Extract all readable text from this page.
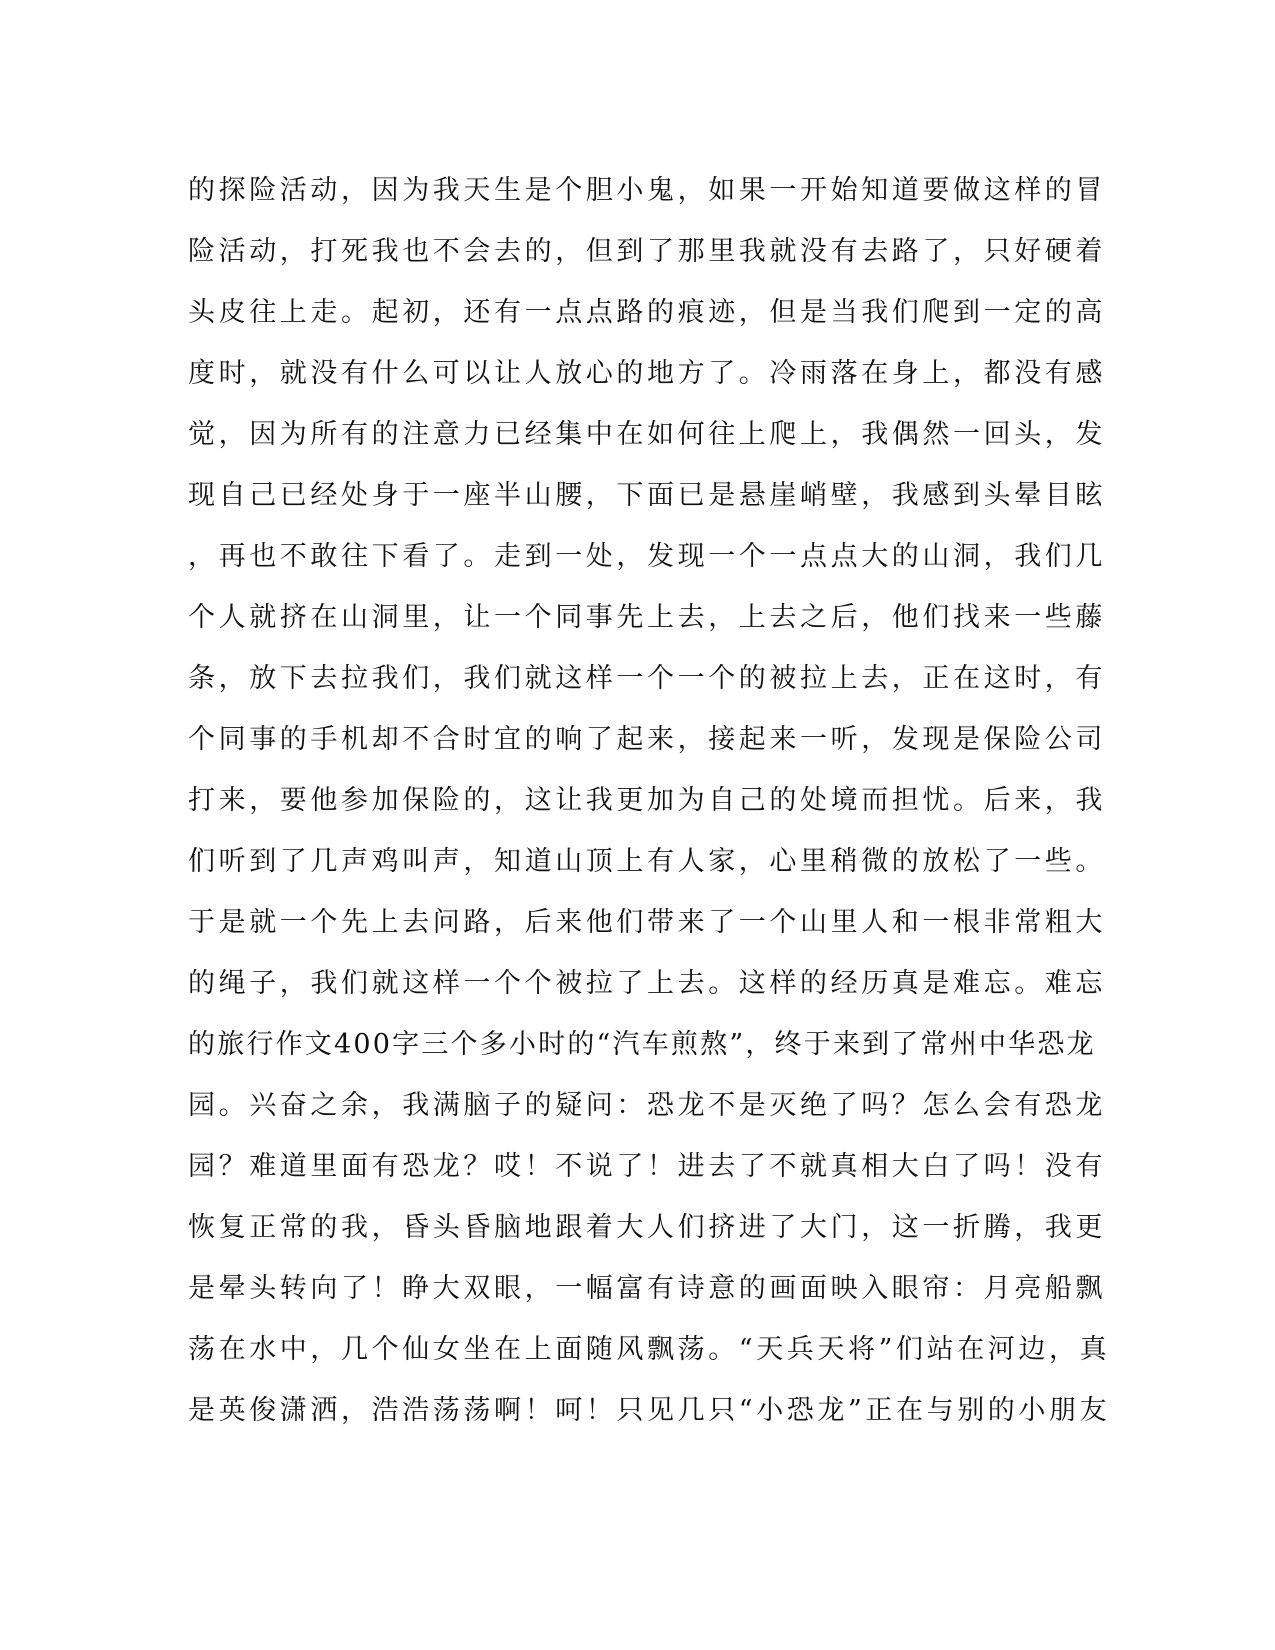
的探险活动，因为我天生是个胆小鬼，如果一开始知道要做这样的冒
险活动，打死我也不会去的，但到了那里我就没有去路了，只好硬着
头皮往上走。起初，还有一点点路的痕迹，但是当我们爬到一定的高
度时，就没有什么可以让人放心的地方了。冷雨落在身上，都没有感
觉，因为所有的注意力已经集中在如何往上爬上，我偶然一回头，发
现自己已经处身于一座半山腰，下面已是悬崖峭壁，我感到头晕目眩
，再也不敢往下看了。走到一处，发现一个一点点大的山洞，我们几
个人就挤在山洞里，让一个同事先上去，上去之后，他们找来一些藤
条，放下去拉我们，我们就这样一个一个的被拉上去，正在这时，有
个同事的手机却不合时宜的响了起来，接起来一听，发现是保险公司
打来，要他参加保险的，这让我更加为自己的处境而担忧。后来，我
们听到了几声鸡叫声，知道山顶上有人家，心里稍微的放松了一些。
于是就一个先上去问路，后来他们带来了一个山里人和一根非常粗大
的绳子，我们就这样一个个被拉了上去。这样的经历真是难忘。难忘
的旅行作文400字三个多小时的“汽车煎熬”，终于来到了常州中华恐龙
园。兴奋之余，我满脑子的疑问：恐龙不是灭绝了吗？怎么会有恐龙
园？难道里面有恐龙？哎！不说了！进去了不就真相大白了吗！没有
恢复正常的我，昏头昏脑地跟着大人们挤进了大门，这一折腾，我更
是晕头转向了！睁大双眼，一幅富有诗意的画面映入眼帘：月亮船飘
荡在水中，几个仙女坐在上面随风飘荡。“天兵天将”们站在河边，真
是英俊潇洒，浩浩荡荡啊！呵！只见几只“小恐龙”正在与别的小朋友
